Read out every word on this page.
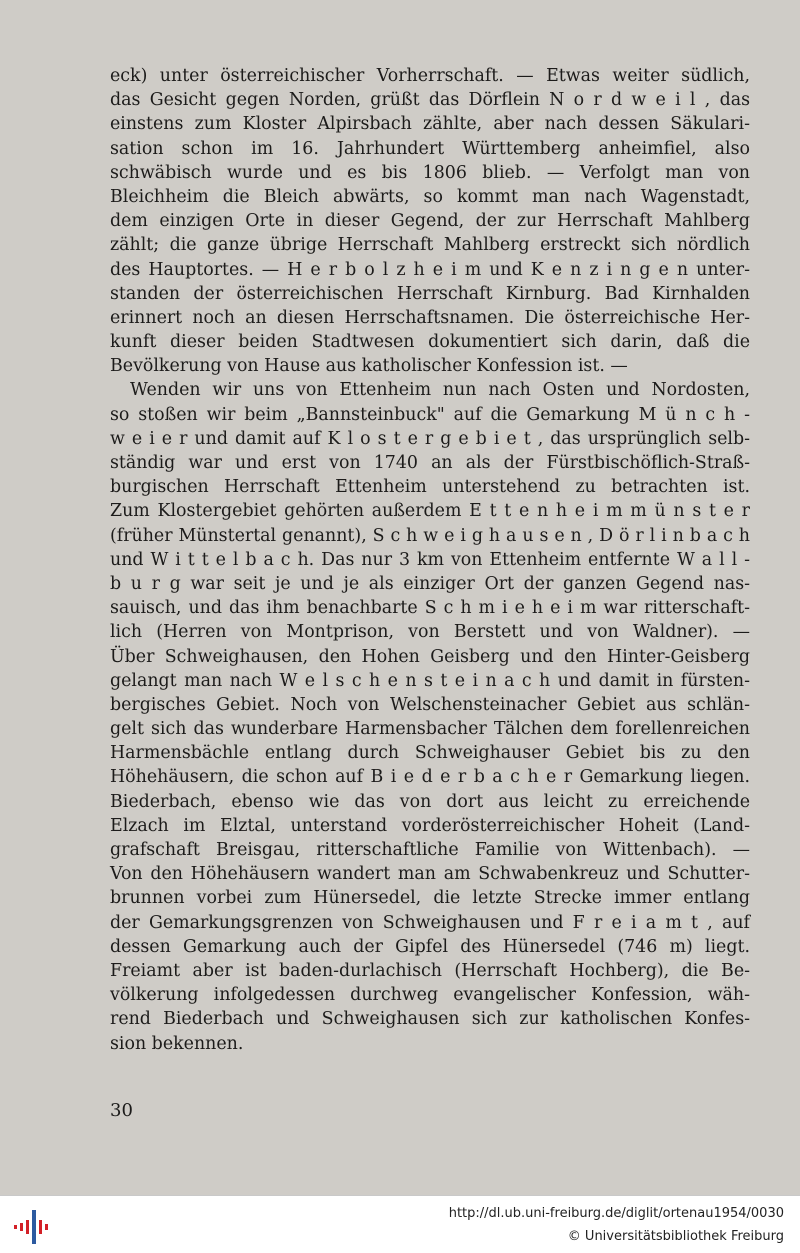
eck) unter österreichischer Vorherrschaft. — Etwas weiter südlich,
das Gesicht gegen Norden, grüßt das Dörflein N o r d w e i l , das
einstens zum Kloster Alpirsbach zählte, aber nach dessen Säkulari-
sation schon im 16. Jahrhundert Württemberg anheimfiel, also
schwäbisch wurde und es bis 1806 blieb. — Verfolgt man von
Bleichheim die Bleich abwärts, so kommt man nach Wagenstadt,
dem einzigen Orte in dieser Gegend, der zur Herrschaft Mahlberg
zählt; die ganze übrige Herrschaft Mahlberg erstreckt sich nördlich
des Hauptortes. — H e r b o l z h e i m und K e n z i n g e n unter-
standen der österreichischen Herrschaft Kirnburg. Bad Kirnhalden
erinnert noch an diesen Herrschaftsnamen. Die österreichische Her-
kunft dieser beiden Stadtwesen dokumentiert sich darin, daß die
Bevölkerung von Hause aus katholischer Konfession ist. —
Wenden wir uns von Ettenheim nun nach Osten und Nordosten,
so stoßen wir beim „Bannsteinbuck" auf die Gemarkung M ü n c h -
w e i e r und damit auf K l o s t e r g e b i e t , das ursprünglich selb-
ständig war und erst von 1740 an als der Fürstbischöflich-Straß-
burgischen Herrschaft Ettenheim unterstehend zu betrachten ist.
Zum Klostergebiet gehörten außerdem E t t e n h e i m m ü n s t e r
(früher Münstertal genannt), S c h w e i g h a u s e n , D ö r l i n b a c h
und W i t t e l b a c h. Das nur 3 km von Ettenheim entfernte W a l l -
b u r g war seit je und je als einziger Ort der ganzen Gegend nas-
sauisch, und das ihm benachbarte S c h m i e h e i m war ritterschaft-
lich (Herren von Montprison, von Berstett und von Waldner). —
Über Schweighausen, den Hohen Geisberg und den Hinter-Geisberg
gelangt man nach W e l s c h e n s t e i n a c h und damit in fürsten-
bergisches Gebiet. Noch von Welschensteinacher Gebiet aus schlän-
gelt sich das wunderbare Harmensbacher Tälchen dem forellenreichen
Harmensbächle entlang durch Schweighauser Gebiet bis zu den
Höhehäusern, die schon auf B i e d e r b a c h e r Gemarkung liegen.
Biederbach, ebenso wie das von dort aus leicht zu erreichende
Elzach im Elztal, unterstand vorderösterreichischer Hoheit (Land-
grafschaft Breisgau, ritterschaftliche Familie von Wittenbach). —
Von den Höhehäusern wandert man am Schwabenkreuz und Schutter-
brunnen vorbei zum Hünersedel, die letzte Strecke immer entlang
der Gemarkungsgrenzen von Schweighausen und F r e i a m t , auf
dessen Gemarkung auch der Gipfel des Hünersedel (746 m) liegt.
Freiamt aber ist baden-durlachisch (Herrschaft Hochberg), die Be-
völkerung infolgedessen durchweg evangelischer Konfession, wäh-
rend Biederbach und Schweighausen sich zur katholischen Konfes-
sion bekennen.
30
http://dl.ub.uni-freiburg.de/diglit/ortenau1954/0030
© Universitätsbibliothek Freiburg
